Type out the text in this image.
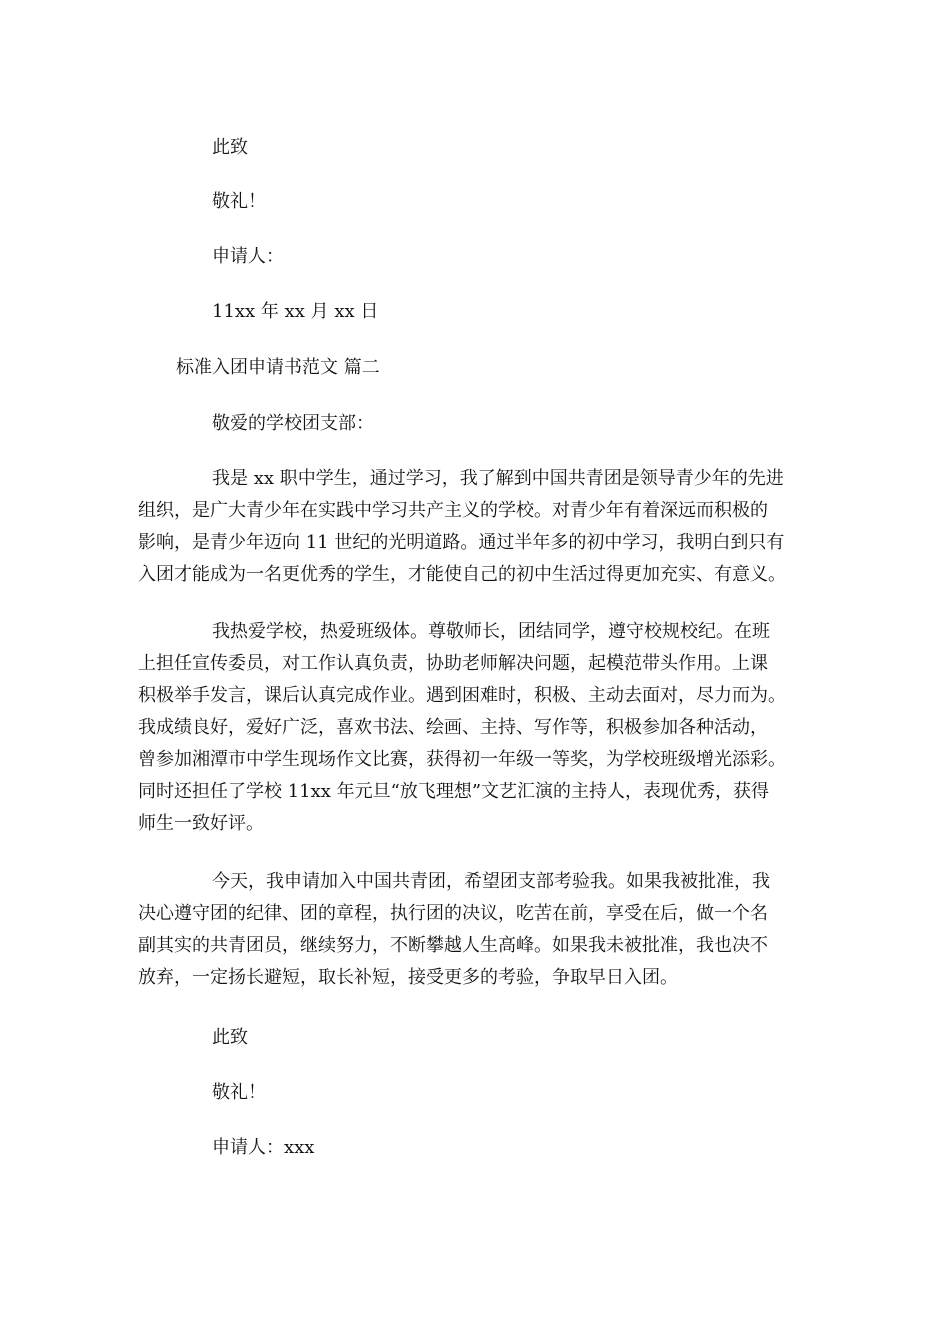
此致

敬礼！

申请人：

11xx 年 xx 月 xx 日

标准入团申请书范文 篇二

敬爱的学校团支部：

我是 xx 职中学生，通过学习，我了解到中国共青团是领导青少年的先进
组织，是广大青少年在实践中学习共产主义的学校。对青少年有着深远而积极的
影响，是青少年迈向 11 世纪的光明道路。通过半年多的初中学习，我明白到只有
入团才能成为一名更优秀的学生，才能使自己的初中生活过得更加充实、有意义。
我热爱学校，热爱班级体。尊敬师长，团结同学，遵守校规校纪。在班
上担任宣传委员，对工作认真负责，协助老师解决问题，起模范带头作用。上课
积极举手发言，课后认真完成作业。遇到困难时，积极、主动去面对，尽力而为。
我成绩良好，爱好广泛，喜欢书法、绘画、主持、写作等，积极参加各种活动，
曾参加湘潭市中学生现场作文比赛，获得初一年级一等奖，为学校班级增光添彩。
同时还担任了学校 11xx 年元旦“放飞理想”文艺汇演的主持人，表现优秀，获得
师生一致好评。
今天，我申请加入中国共青团，希望团支部考验我。如果我被批准，我
决心遵守团的纪律、团的章程，执行团的决议，吃苦在前，享受在后，做一个名
副其实的共青团员，继续努力，不断攀越人生高峰。如果我未被批准，我也决不
放弃，一定扬长避短，取长补短，接受更多的考验，争取早日入团。

此致

敬礼！

申请人：xxx
